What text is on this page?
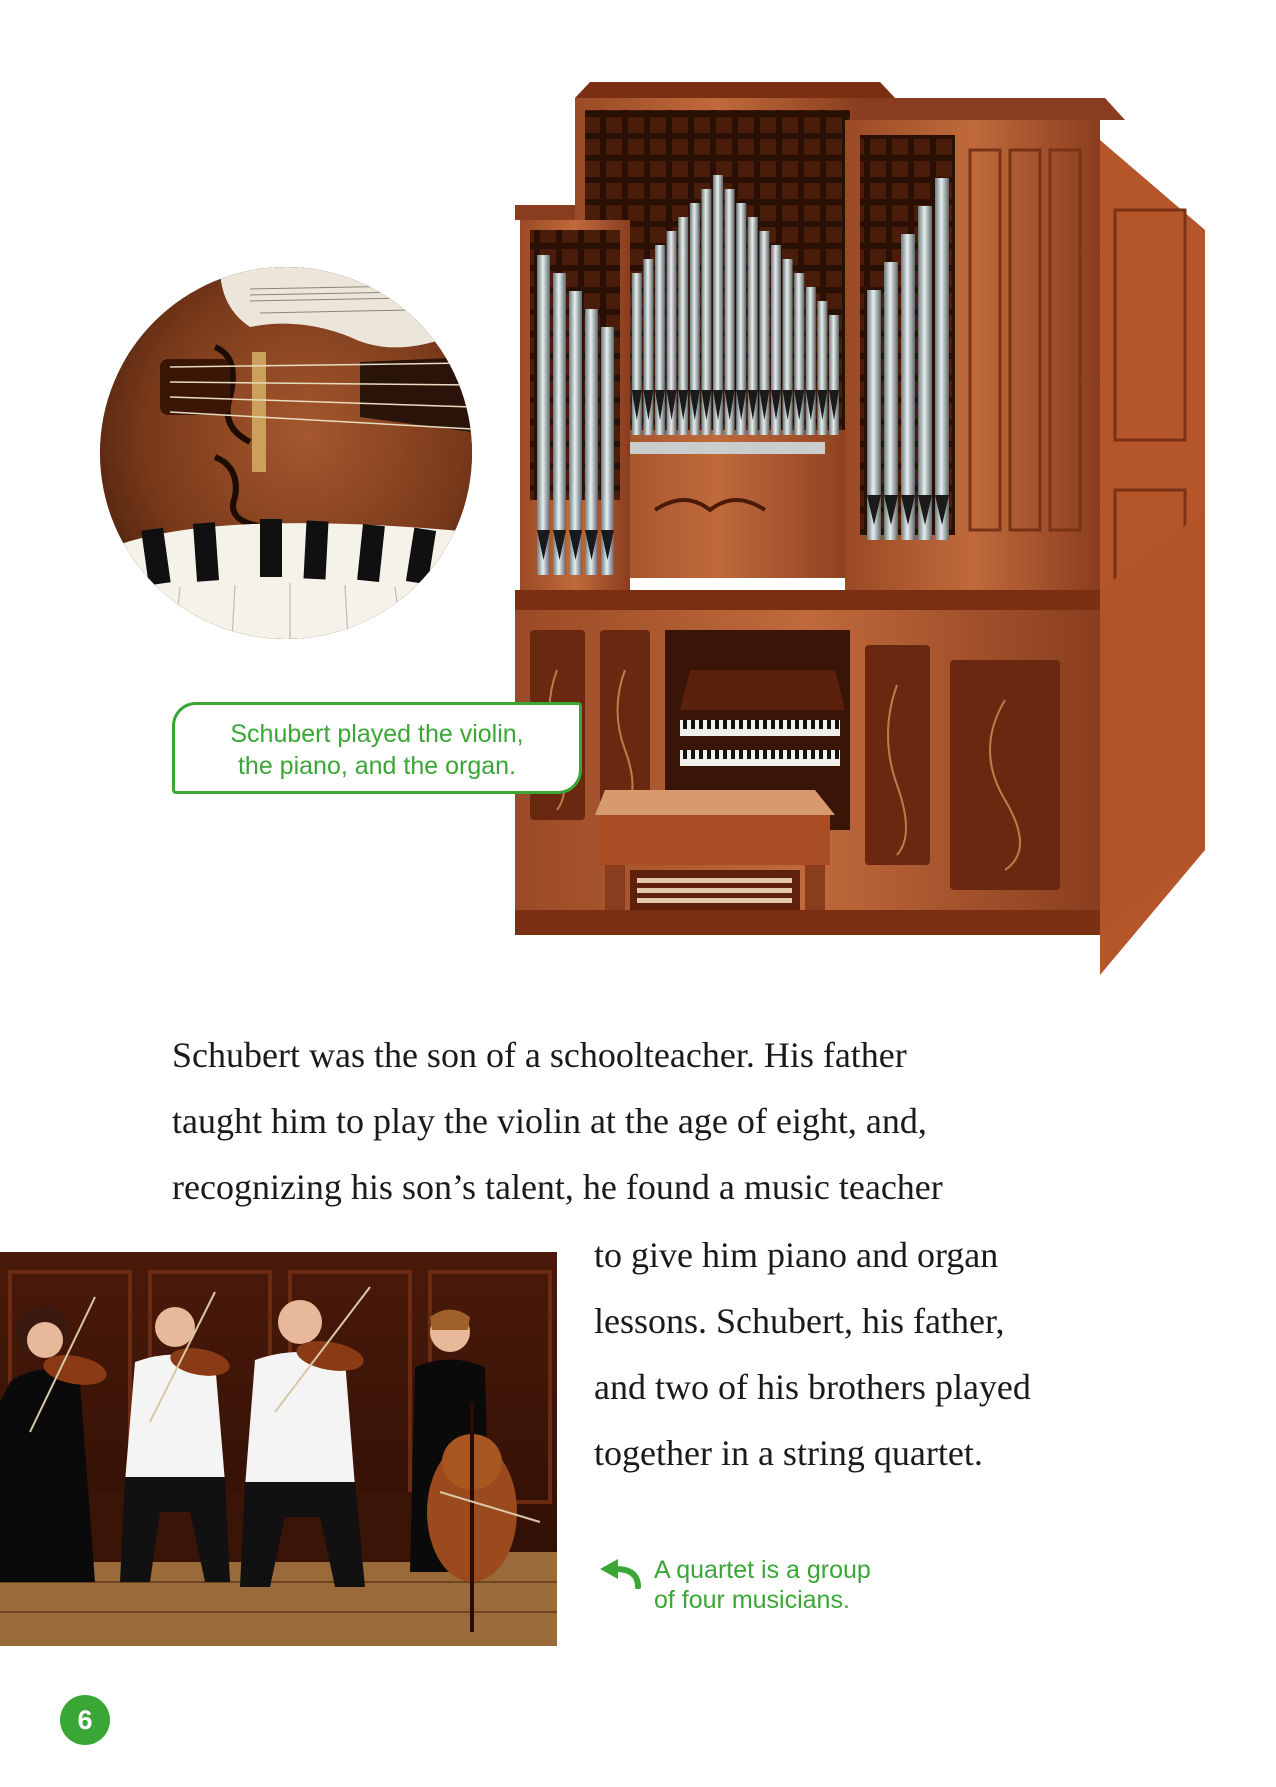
Schubert played the violin,
the piano, and the organ.
Schubert was the son of a schoolteacher. His father
taught him to play the violin at the age of eight, and,
recognizing his son’s talent, he found a music teacher
to give him piano and organ
lessons. Schubert, his father,
and two of his brothers played
together in a string quartet.
A quartet is a group
of four musicians.
6
